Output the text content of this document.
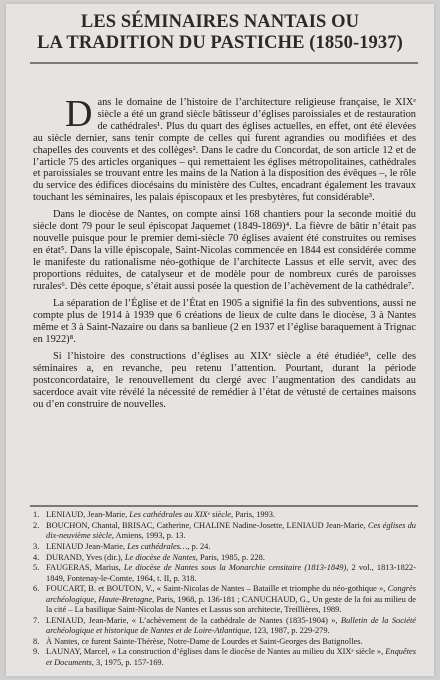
LES SÉMINAIRES NANTAIS OU
LA TRADITION DU PASTICHE (1850-1937)

Dans le domaine de l’histoire de l’architecture religieuse française, le XIXᵉ siècle a été un grand siècle bâtisseur d’églises paroissiales et de restauration de cathédrales¹. Plus du quart des églises actuelles, en effet, ont été élevées au siècle dernier, sans tenir compte de celles qui furent agrandies ou modifiées et des chapelles des couvents et des collèges². Dans le cadre du Concordat, de son article 12 et de l’article 75 des articles organiques – qui remettaient les églises métropolitaines, cathédrales et paroissiales se trouvant entre les mains de la Nation à la disposition des évêques –, le rôle du service des édifices diocésains du ministère des Cultes, encadrant également les travaux touchant les séminaires, les palais épiscopaux et les presbytères, fut considérable³.

Dans le diocèse de Nantes, on compte ainsi 168 chantiers pour la seconde moitié du siècle dont 79 pour le seul épiscopat Jaquemet (1849-1869)⁴. La fièvre de bâtir n’était pas nouvelle puisque pour le premier demi-siècle 70 églises avaient été construites ou remises en état⁵. Dans la ville épiscopale, Saint-Nicolas commencée en 1844 est considérée comme le manifeste du rationalisme néo-gothique de l’architecte Lassus et elle servit, avec des proportions réduites, de catalyseur et de modèle pour de nombreux curés de paroisses rurales⁶. Dès cette époque, s’était aussi posée la question de l’achèvement de la cathédrale⁷.

La séparation de l’Église et de l’État en 1905 a signifié la fin des subventions, aussi ne compte plus de 1914 à 1939 que 6 créations de lieux de culte dans le diocèse, 3 à Nantes même et 3 à Saint-Nazaire ou dans sa banlieue (2 en 1937 et l’église baraquement à Trignac en 1922)⁸.

Si l’histoire des constructions d’églises au XIXᵉ siècle a été étudiée⁹, celle des séminaires a, en revanche, peu retenu l’attention. Pourtant, durant la période postconcordataire, le renouvellement du clergé avec l’augmentation des candidats au sacerdoce avait vite révélé la nécessité de remédier à l’état de vétusté de certaines maisons ou d’en construire de nouvelles.

1. LENIAUD, Jean-Marie, Les cathédrales au XIXᵉ siècle, Paris, 1993.
2. BOUCHON, Chantal, BRISAC, Catherine, CHALINE Nadine-Josette, LENIAUD Jean-Marie, Ces églises du dix-neuvième siècle, Amiens, 1993, p. 13.
3. LENIAUD Jean-Marie, Les cathédrales…, p. 24.
4. DURAND, Yves (dir.), Le diocèse de Nantes, Paris, 1985, p. 228.
5. FAUGERAS, Marius, Le diocèse de Nantes sous la Monarchie censitaire (1813-1849), 2 vol., 1813-1822-1849, Fontenay-le-Comte, 1964, t. II, p. 318.
6. FOUCART, B. et BOUTON, V., « Saint-Nicolas de Nantes – Bataille et triomphe du néo-gothique », Congrès archéologique, Haute-Bretagne, Paris, 1968, p. 136-181 ; CANUCHAUD, G., Un geste de la foi au milieu de la cité – La basilique Saint-Nicolas de Nantes et Lassus son architecte, Treillières, 1989.
7. LENIAUD, Jean-Marie, « L’achèvement de la cathédrale de Nantes (1835-1904) », Bulletin de la Société archéologique et historique de Nantes et de Loire-Atlantique, 123, 1987, p. 229-279.
8. À Nantes, ce furent Sainte-Thérèse, Notre-Dame de Lourdes et Saint-Georges des Batignolles.
9. LAUNAY, Marcel, « La construction d’églises dans le diocèse de Nantes au milieu du XIXᵉ siècle », Enquêtes et Documents, 3, 1975, p. 157-169.
